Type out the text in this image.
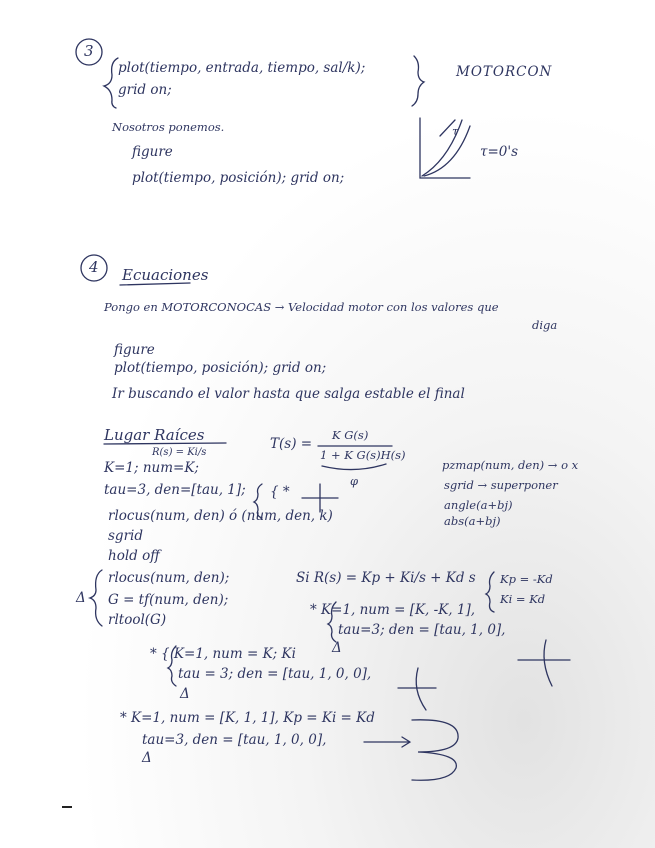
3
plot(tiempo, entrada, tiempo, sal/k);
grid on;
MOTORCON
Nosotros ponemos.
figure
plot(tiempo, posición); grid on;
τ
τ=0's
4 Ecuaciones
Pongo en MOTORCONOCAS → Velocidad motor con los valores que
diga
figure
plot(tiempo, posición); grid on;
Ir buscando el valor hasta que salga estable el final
Lugar Raíces
R(s) = Ki/s
T(s) =
K G(s)
1 + K G(s)H(s)
φ
K=1; num=K;
tau=3, den=[tau, 1]; { *
rlocus(num, den) ó (num, den, k)
sgrid
hold off
pzmap(num, den) → o x
sgrid → superponer
angle(a+bj)
abs(a+bj)
rlocus(num, den);
G = tf(num, den);
rltool(G)
Δ
Si R(s) = Kp + Ki/s + Kd s Kp = -Kd
Ki = Kd
* K=1, num = [K, -K, 1],
tau=3; den = [tau, 1, 0],
Δ
* { K=1, num = K; Ki
tau = 3; den = [tau, 1, 0, 0],
Δ
* K=1, num = [K, 1, 1], Kp = Ki = Kd
tau=3, den = [tau, 1, 0, 0],
Δ
